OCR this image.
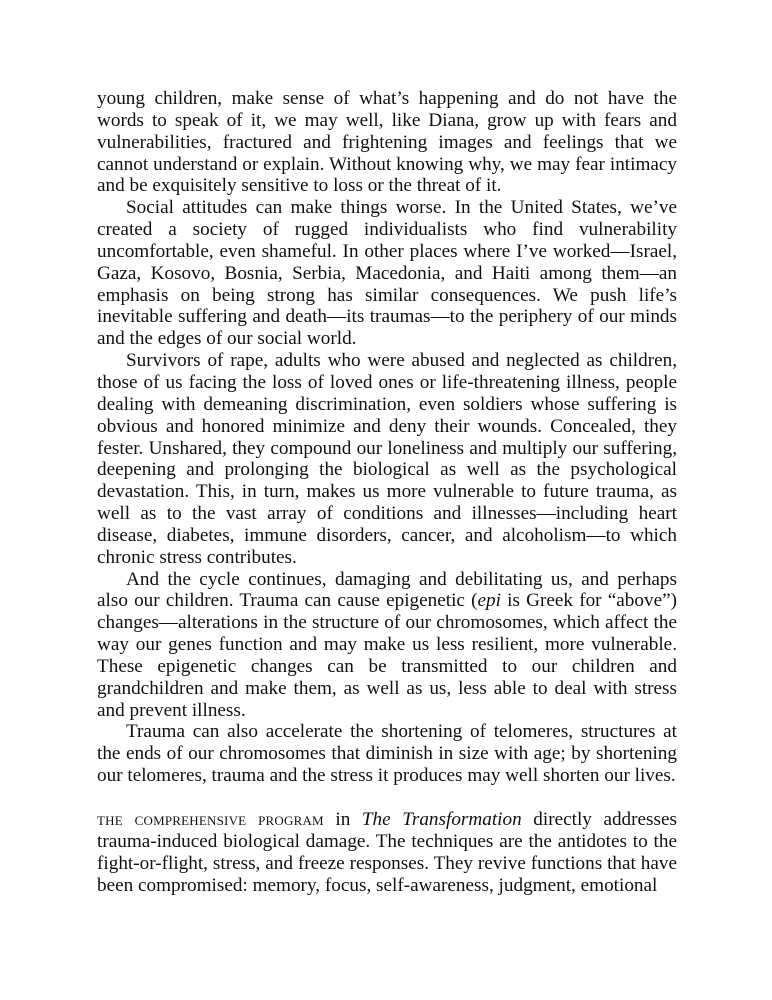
young children, make sense of what’s happening and do not have the words to speak of it, we may well, like Diana, grow up with fears and vulnerabilities, fractured and frightening images and feelings that we cannot understand or explain. Without knowing why, we may fear intimacy and be exquisitely sensitive to loss or the threat of it.

Social attitudes can make things worse. In the United States, we’ve created a society of rugged individualists who find vulnerability uncomfortable, even shameful. In other places where I’ve worked—Israel, Gaza, Kosovo, Bosnia, Serbia, Macedonia, and Haiti among them—an emphasis on being strong has similar consequences. We push life’s inevitable suffering and death—its traumas—to the periphery of our minds and the edges of our social world.

Survivors of rape, adults who were abused and neglected as children, those of us facing the loss of loved ones or life-threatening illness, people dealing with demeaning discrimination, even soldiers whose suffering is obvious and honored minimize and deny their wounds. Concealed, they fester. Unshared, they compound our loneliness and multiply our suffering, deepening and prolonging the biological as well as the psychological devastation. This, in turn, makes us more vulnerable to future trauma, as well as to the vast array of conditions and illnesses—including heart disease, diabetes, immune disorders, cancer, and alcoholism—to which chronic stress contributes.

And the cycle continues, damaging and debilitating us, and perhaps also our children. Trauma can cause epigenetic (epi is Greek for “above”) changes—alterations in the structure of our chromosomes, which affect the way our genes function and may make us less resilient, more vulnerable. These epigenetic changes can be transmitted to our children and grandchildren and make them, as well as us, less able to deal with stress and prevent illness.

Trauma can also accelerate the shortening of telomeres, structures at the ends of our chromosomes that diminish in size with age; by shortening our telomeres, trauma and the stress it produces may well shorten our lives.

the comprehensive program in The Transformation directly addresses trauma-induced biological damage. The techniques are the antidotes to the fight-or-flight, stress, and freeze responses. They revive functions that have been compromised: memory, focus, self-awareness, judgment, emotional
